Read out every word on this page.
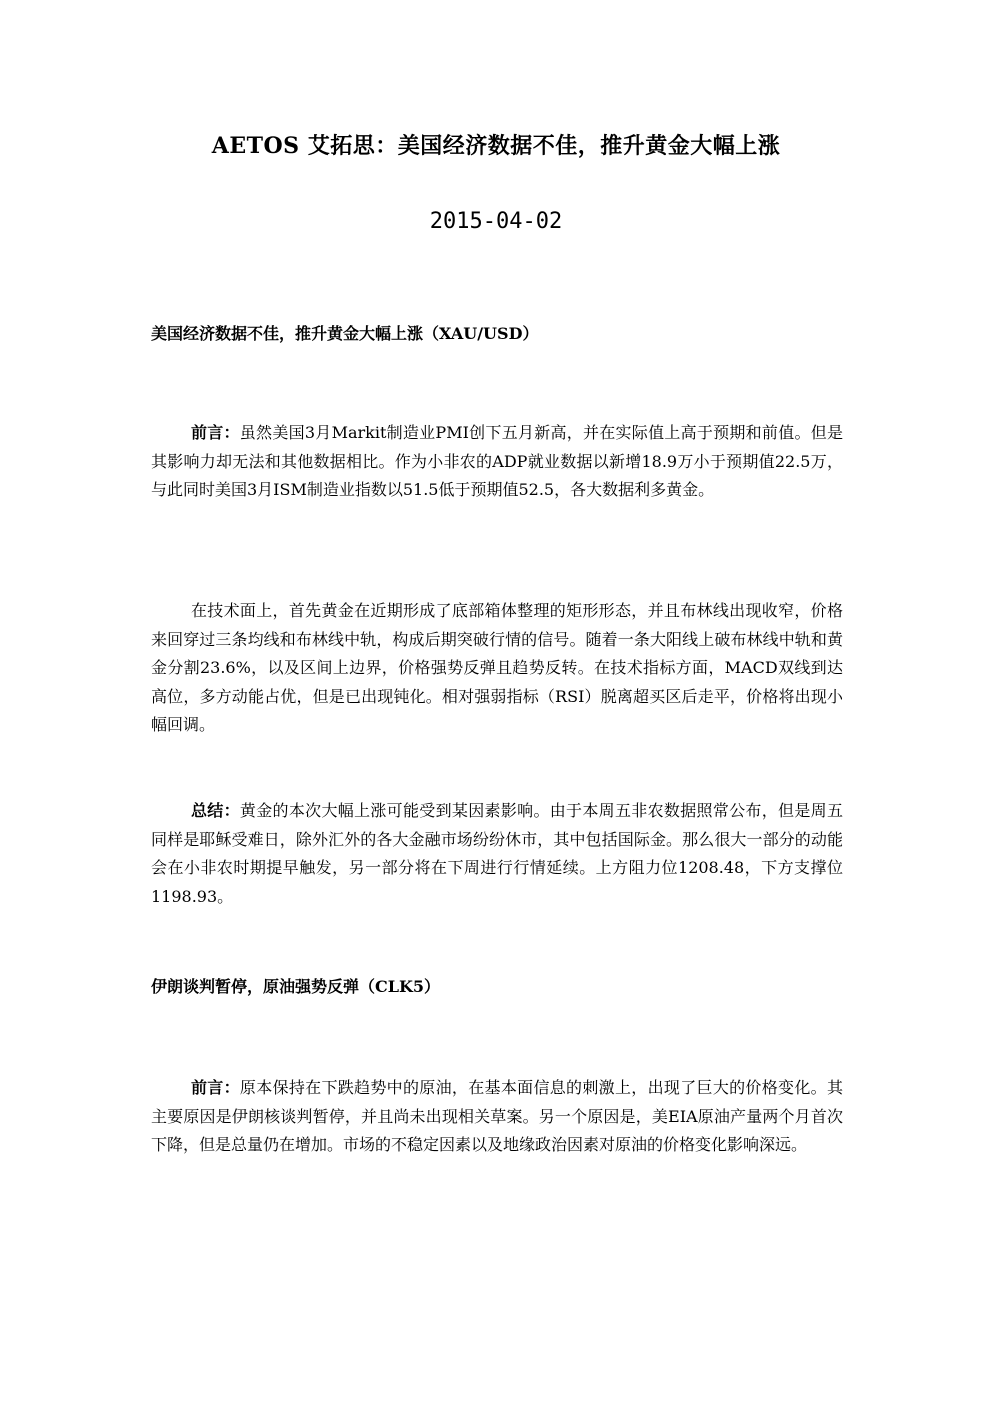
AETOS 艾拓思：美国经济数据不佳，推升黄金大幅上涨
2015-04-02
美国经济数据不佳，推升黄金大幅上涨（XAU/USD）

前言：虽然美国3月Markit制造业PMI创下五月新高，并在实际值上高于预期和前值。但是其影响力却无法和其他数据相比。作为小非农的ADP就业数据以新增18.9万小于预期值22.5万，与此同时美国3月ISM制造业指数以51.5低于预期值52.5，各大数据利多黄金。

在技术面上，首先黄金在近期形成了底部箱体整理的矩形形态，并且布林线出现收窄，价格来回穿过三条均线和布林线中轨，构成后期突破行情的信号。随着一条大阳线上破布林线中轨和黄金分割23.6%，以及区间上边界，价格强势反弹且趋势反转。在技术指标方面，MACD双线到达高位，多方动能占优，但是已出现钝化。相对强弱指标（RSI）脱离超买区后走平，价格将出现小幅回调。

总结：黄金的本次大幅上涨可能受到某因素影响。由于本周五非农数据照常公布，但是周五同样是耶稣受难日，除外汇外的各大金融市场纷纷休市，其中包括国际金。那么很大一部分的动能会在小非农时期提早触发，另一部分将在下周进行行情延续。上方阻力位1208.48，下方支撑位1198.93。

伊朗谈判暂停，原油强势反弹（CLK5）

前言：原本保持在下跌趋势中的原油，在基本面信息的刺激上，出现了巨大的价格变化。其主要原因是伊朗核谈判暂停，并且尚未出现相关草案。另一个原因是，美EIA原油产量两个月首次下降，但是总量仍在增加。市场的不稳定因素以及地缘政治因素对原油的价格变化影响深远。
